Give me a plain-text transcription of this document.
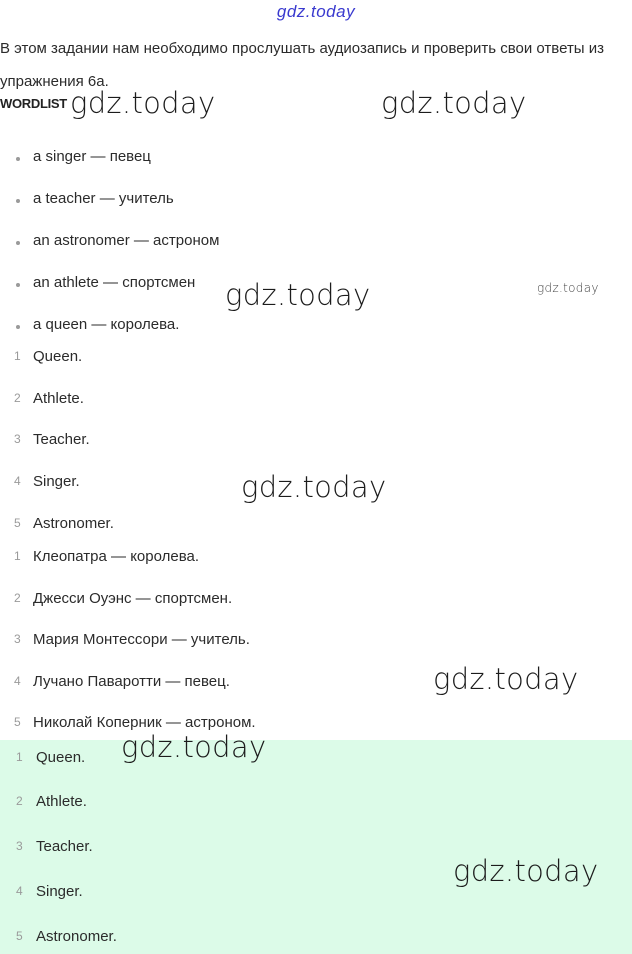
gdz.today
В этом задании нам необходимо прослушать аудиозапись и проверить свои ответы из упражнения 6а.
WORDLIST
a singer — певец
a teacher — учитель
an astronomer — астроном
an athlete — спортсмен
a queen — королева.
1 Queen.
2 Athlete.
3 Teacher.
4 Singer.
5 Astronomer.
1 Клеопатра — королева.
2 Джесси Оуэнс — спортсмен.
3 Мария Монтессори — учитель.
4 Лучано Паваротти — певец.
5 Николай Коперник — астроном.
1 Queen.
2 Athlete.
3 Teacher.
4 Singer.
5 Astronomer.
gdz.today	gdz.today
gdz.today	gdz.today
gdz.today
gdz.today
gdz.today
gdz.today
